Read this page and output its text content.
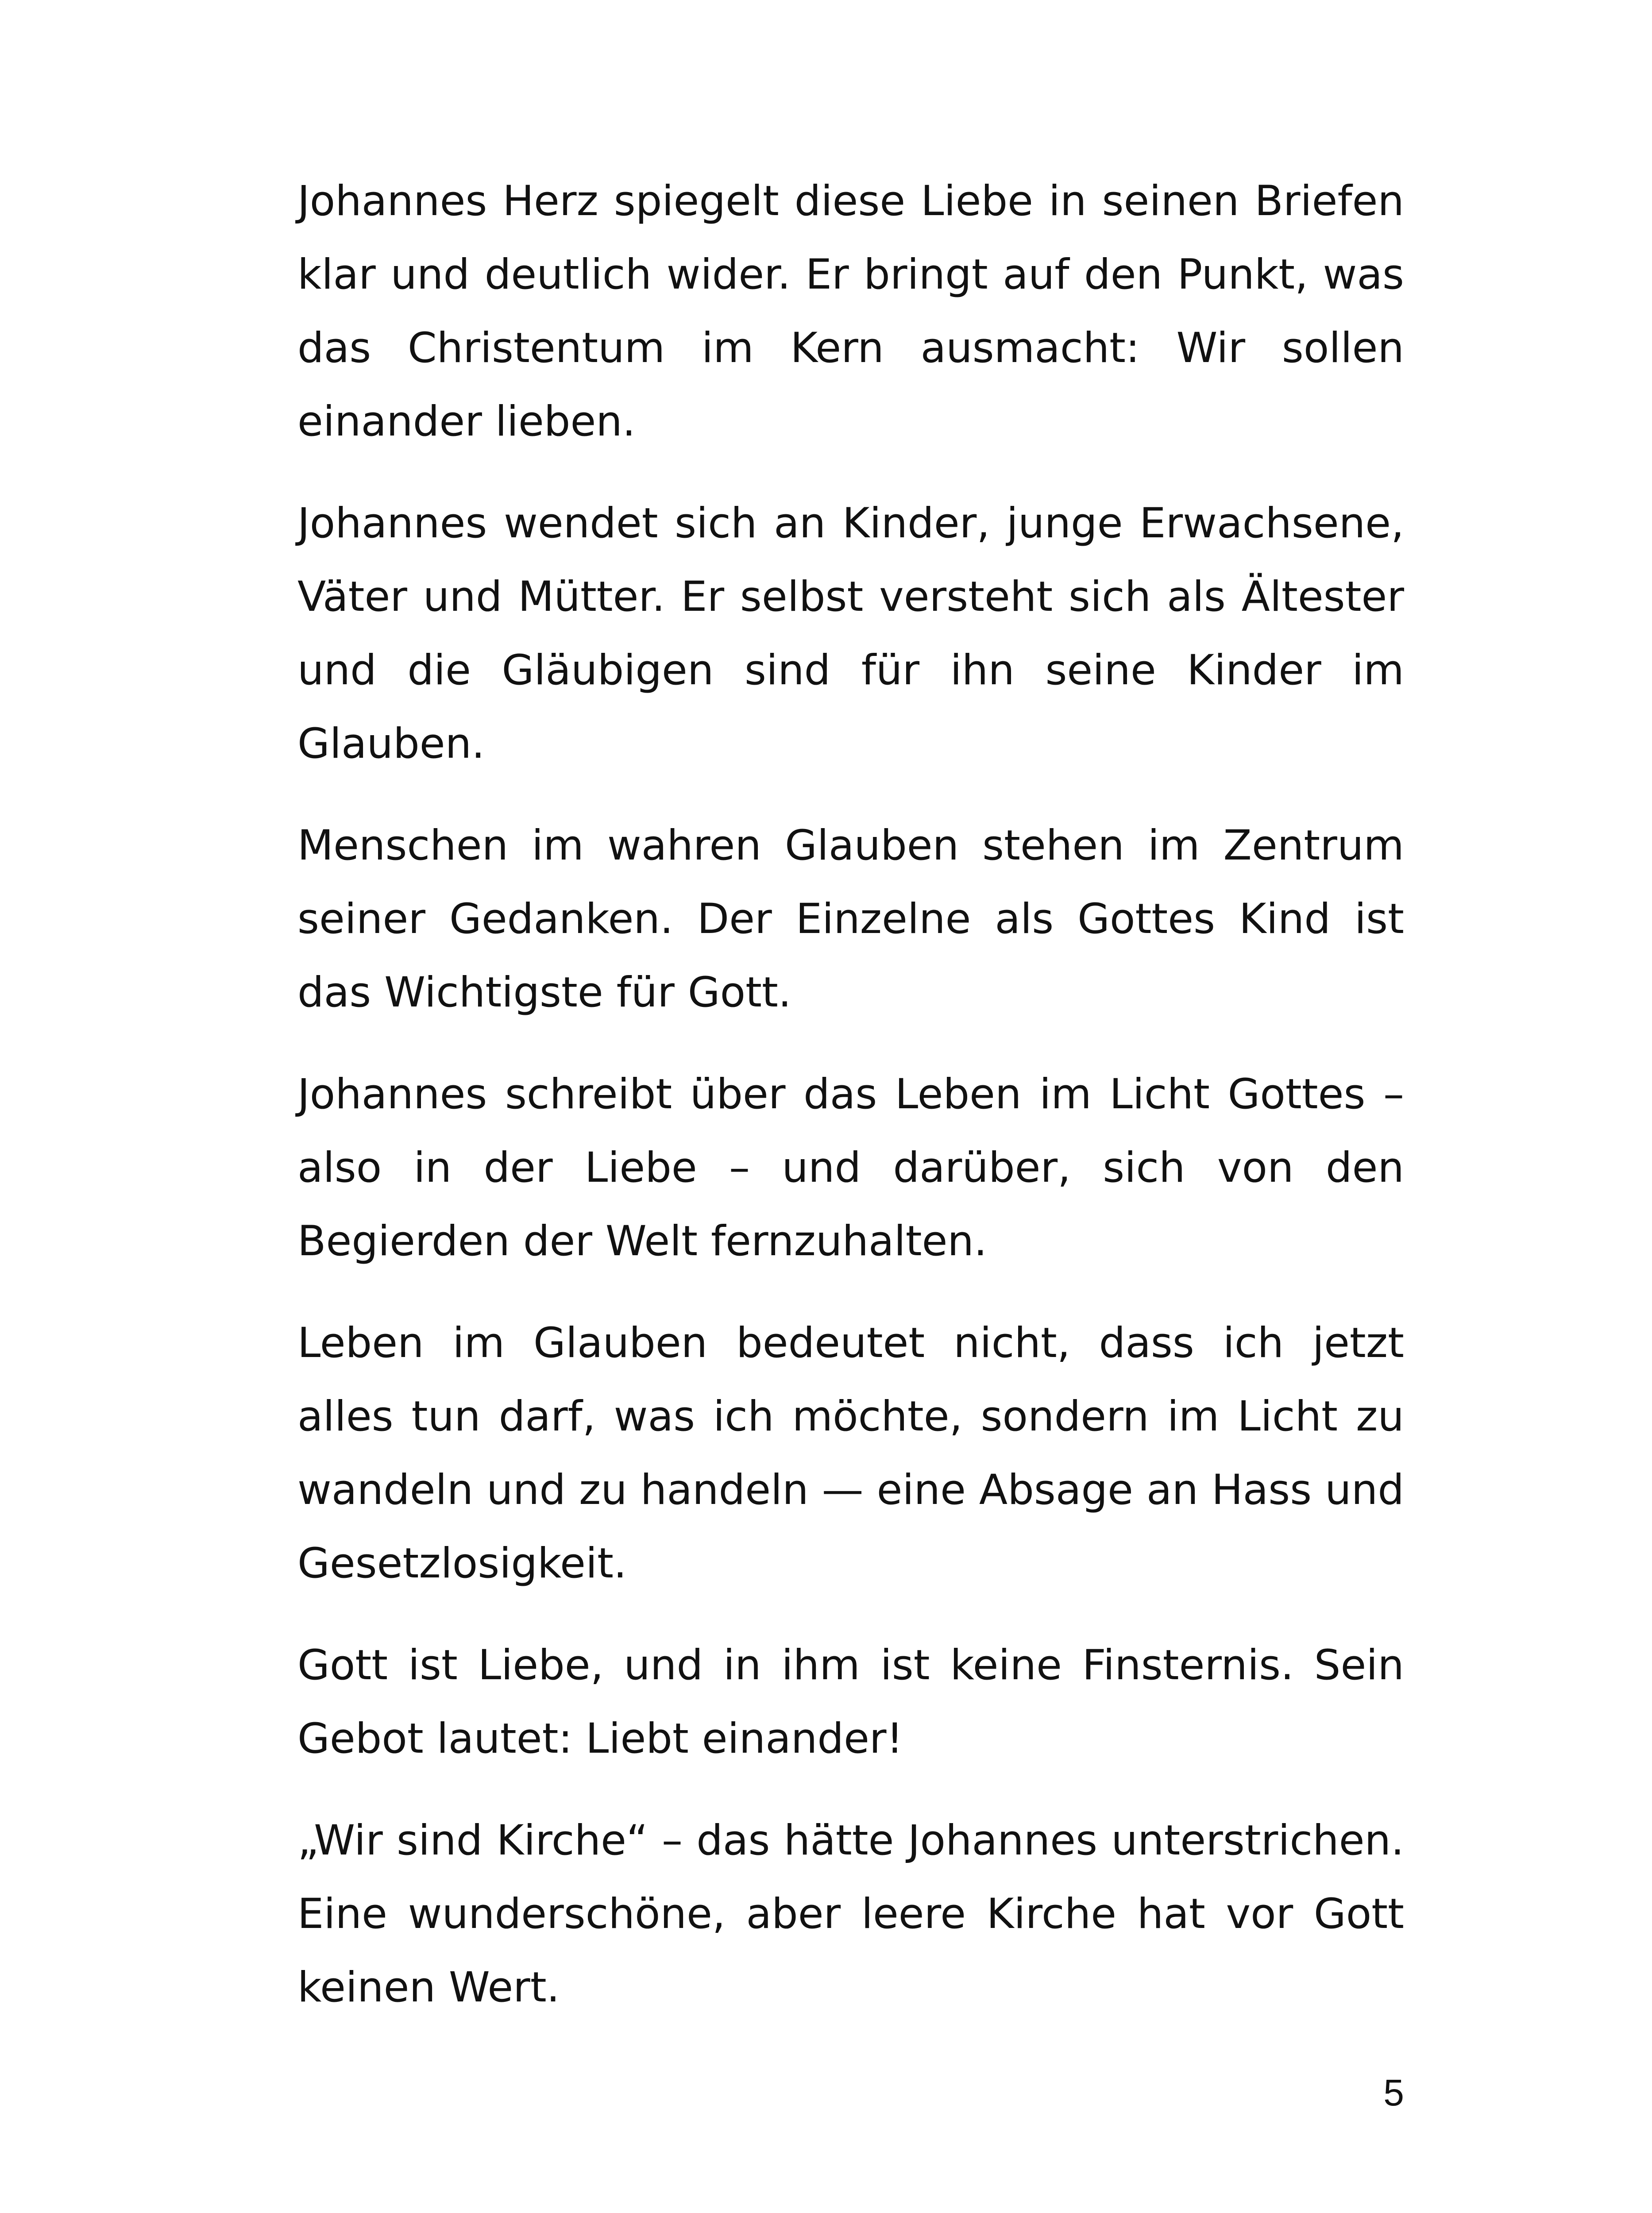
Johannes Herz spiegelt diese Liebe in seinen Briefen klar und deutlich wider. Er bringt auf den Punkt, was das Christentum im Kern ausmacht: Wir sollen einander lieben.

Johannes wendet sich an Kinder, junge Erwachsene, Väter und Mütter. Er selbst versteht sich als Ältester und die Gläubigen sind für ihn seine Kinder im Glauben.

Menschen im wahren Glauben stehen im Zentrum seiner Gedanken. Der Einzelne als Gottes Kind ist das Wichtigste für Gott.

Johannes schreibt über das Leben im Licht Gottes – also in der Liebe – und darüber, sich von den Begierden der Welt fernzuhalten.

Leben im Glauben bedeutet nicht, dass ich jetzt alles tun darf, was ich möchte, sondern im Licht zu wandeln und zu handeln — eine Absage an Hass und Gesetzlosigkeit.

Gott ist Liebe, und in ihm ist keine Finsternis. Sein Gebot lautet: Liebt einander!

„Wir sind Kirche“ – das hätte Johannes unterstrichen. Eine wunderschöne, aber leere Kirche hat vor Gott keinen Wert.

5
